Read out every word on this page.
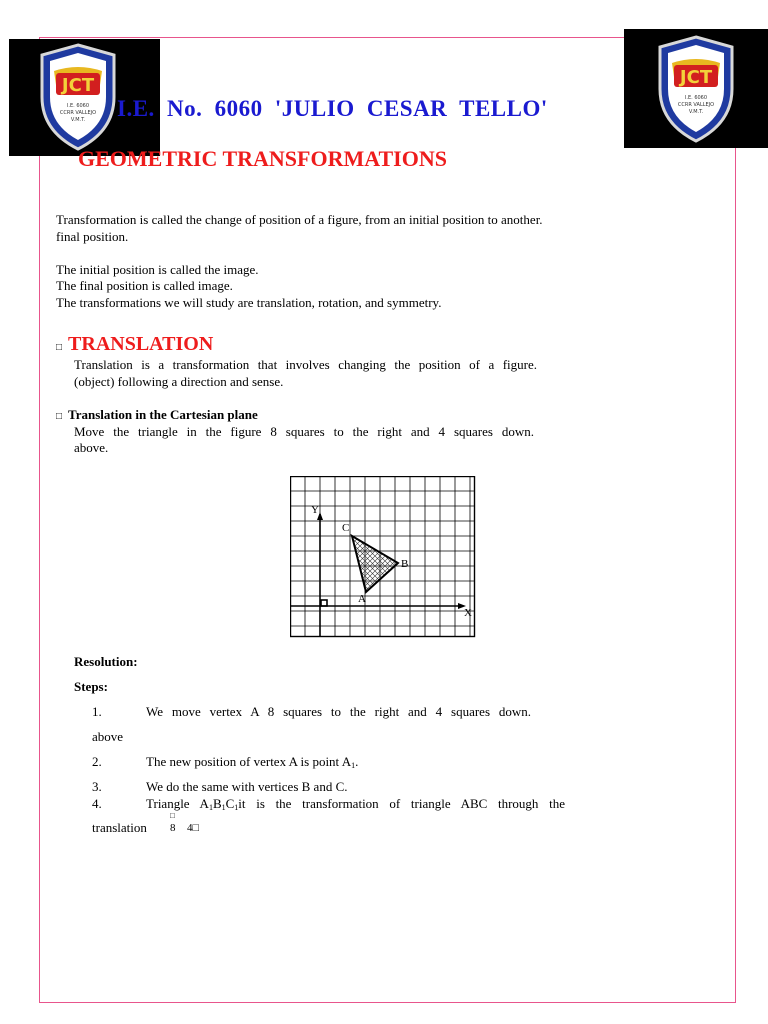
JCT
I.E. 6060
CCRR VALLEJO
V.M.T.
JCT
I.E. 6060
CCRR VALLEJO
V.M.T.
I.E. No. 6060 'JULIO CESAR TELLO'
GEOMETRIC TRANSFORMATIONS
Transformation is called the change of position of a figure, from an initial position to another.
final position.
The initial position is called the image.
The final position is called image.
The transformations we will study are translation, rotation, and symmetry.
□ TRANSLATION
Translation is a transformation that involves changing the position of a figure.
(object) following a direction and sense.
□ Translation in the Cartesian plane
Move the triangle in the figure 8 squares to the right and 4 squares down.
above.
Y
X
C
B
A
Resolution:
Steps:
1.	We move vertex A 8 squares to the right and 4 squares down.
above
2.	The new position of vertex A is point $A_1$.
3.	We do the same with vertices B and C.
4.	Triangle $A_1B_1C_1it$ is the transformation of triangle ABC through the
translation
□
8 4□
